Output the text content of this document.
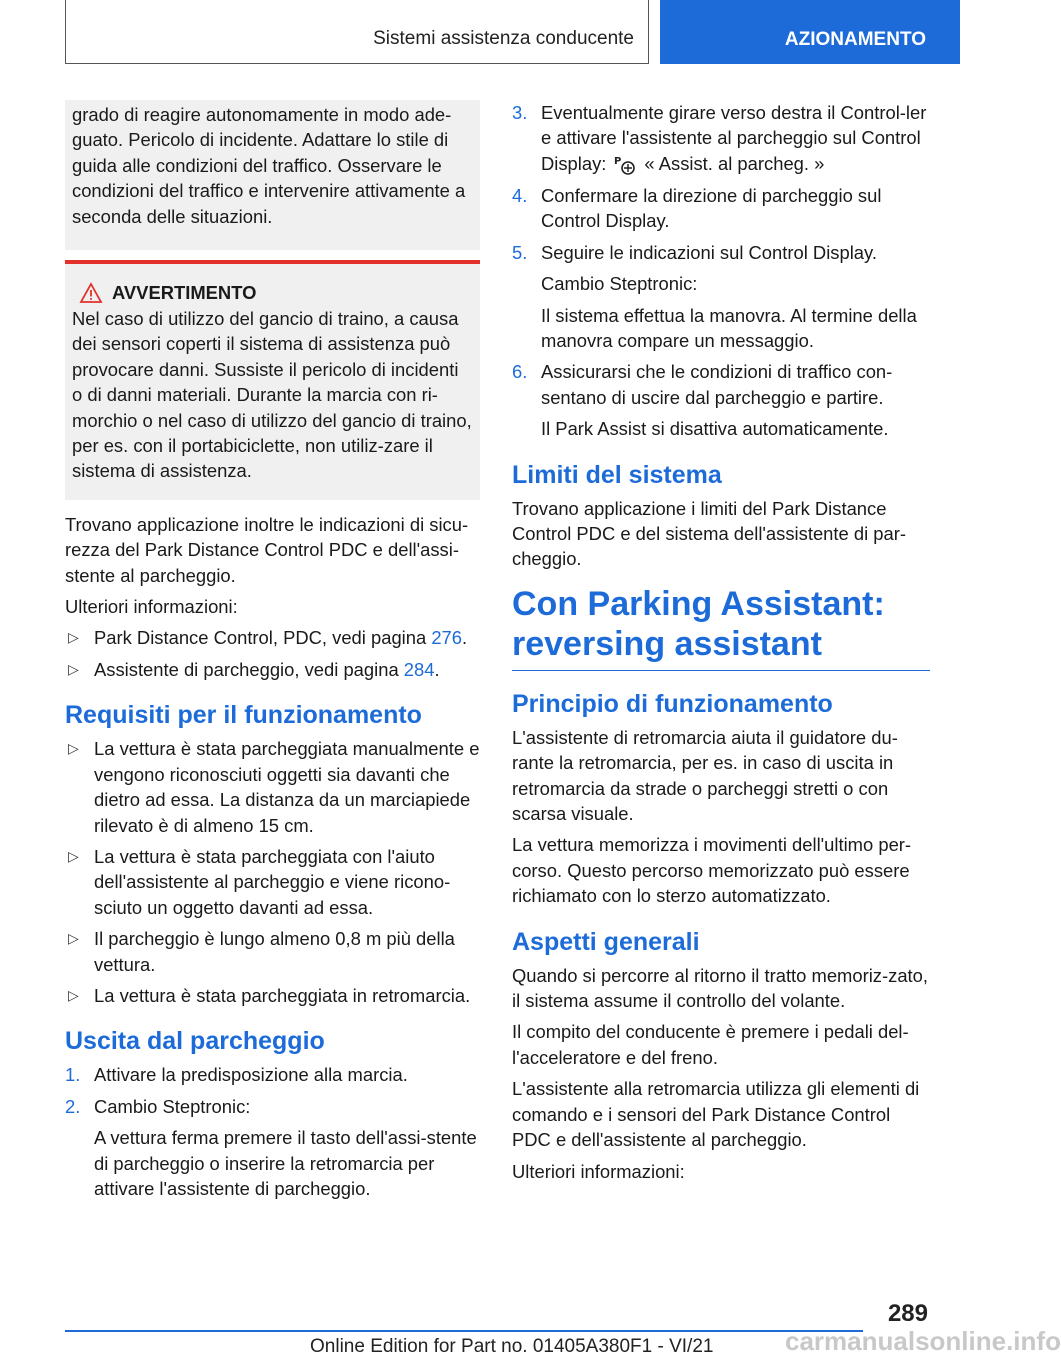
Sistemi assistenza conducente	AZIONAMENTO

grado di reagire autonomamente in modo ade-guato. Pericolo di incidente. Adattare lo stile di guida alle condizioni del traffico. Osservare le condizioni del traffico e intervenire attivamente a seconda delle situazioni.

AVVERTIMENTO

Nel caso di utilizzo del gancio di traino, a causa dei sensori coperti il sistema di assistenza può provocare danni. Sussiste il pericolo di incidenti o di danni materiali. Durante la marcia con ri-morchio o nel caso di utilizzo del gancio di traino, per es. con il portabiciclette, non utiliz-zare il sistema di assistenza.

Trovano applicazione inoltre le indicazioni di sicu-rezza del Park Distance Control PDC e dell'assi-stente al parcheggio.

Ulteriori informazioni:

▷ Park Distance Control, PDC, vedi pagina 276.
▷ Assistente di parcheggio, vedi pagina 284.
Requisiti per il funzionamento
▷ La vettura è stata parcheggiata manualmente e vengono riconosciuti oggetti sia davanti che dietro ad essa. La distanza da un marciapiede rilevato è di almeno 15 cm.
▷ La vettura è stata parcheggiata con l'aiuto dell'assistente al parcheggio e viene ricono-sciuto un oggetto davanti ad essa.
▷ Il parcheggio è lungo almeno 0,8 m più della vettura.
▷ La vettura è stata parcheggiata in retromarcia.
Uscita dal parcheggio
1. Attivare la predisposizione alla marcia.
2. Cambio Steptronic:
A vettura ferma premere il tasto dell'assi-stente di parcheggio o inserire la retromarcia per attivare l'assistente di parcheggio.
3. Eventualmente girare verso destra il Control-ler e attivare l'assistente al parcheggio sul Control Display: P « Assist. al parcheg. »
4. Confermare la direzione di parcheggio sul Control Display.
5. Seguire le indicazioni sul Control Display.
Cambio Steptronic:
Il sistema effettua la manovra. Al termine della manovra compare un messaggio.
6. Assicurarsi che le condizioni di traffico con-sentano di uscire dal parcheggio e partire.
Il Park Assist si disattiva automaticamente.
Limiti del sistema

Trovano applicazione i limiti del Park Distance Control PDC e del sistema dell'assistente di par-cheggio.

Con Parking Assistant: reversing assistant
Principio di funzionamento

L'assistente di retromarcia aiuta il guidatore du-rante la retromarcia, per es. in caso di uscita in retromarcia da strade o parcheggi stretti o con scarsa visuale.

La vettura memorizza i movimenti dell'ultimo per-corso. Questo percorso memorizzato può essere richiamato con lo sterzo automatizzato.

Aspetti generali

Quando si percorre al ritorno il tratto memoriz-zato, il sistema assume il controllo del volante.

Il compito del conducente è premere i pedali del-l'acceleratore e del freno.

L'assistente alla retromarcia utilizza gli elementi di comando e i sensori del Park Distance Control PDC e dell'assistente al parcheggio.

Ulteriori informazioni:

289
Online Edition for Part no. 01405A380F1 - VI/21	carmanualsonline.info
